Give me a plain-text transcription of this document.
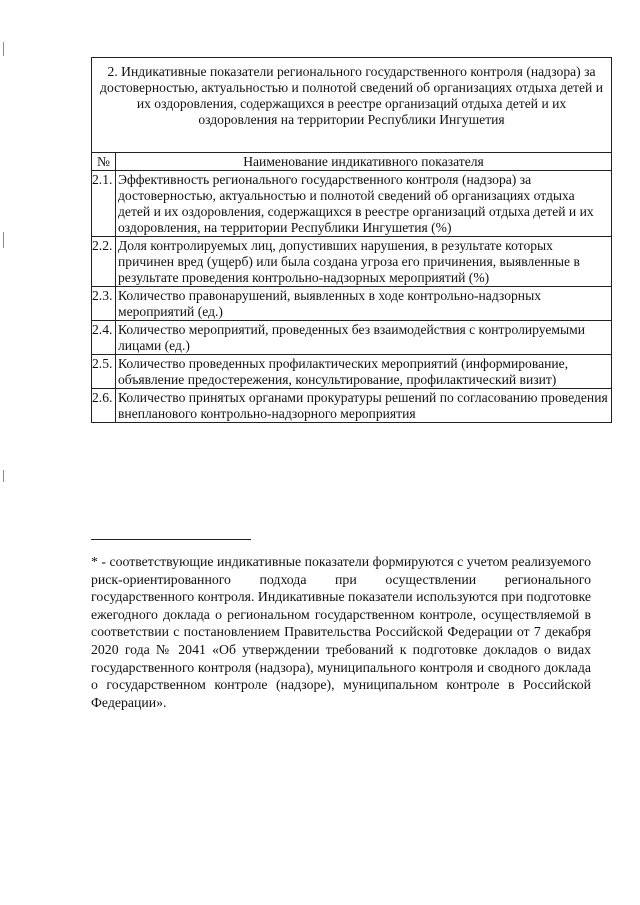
2. Индикативные показатели регионального государственного контроля (надзора) за достоверностью, актуальностью и полнотой сведений об организациях отдыха детей и их оздоровления, содержащихся в реестре организаций отдыха детей и их оздоровления на территории Республики Ингушетия	
№	Наименование индикативного показателя
2.1.	Эффективность регионального государственного контроля (надзора) за достоверностью, актуальностью и полнотой сведений об организациях отдыха детей и их оздоровления, содержащихся в реестре организаций отдыха детей и их оздоровления, на территории Республики Ингушетия (%)
2.2.	Доля контролируемых лиц, допустивших нарушения, в результате которых причинен вред (ущерб) или была создана угроза его причинения, выявленные в результате проведения контрольно-надзорных мероприятий (%)
2.3.	Количество правонарушений, выявленных в ходе контрольно-надзорных мероприятий (ед.)
2.4.	Количество мероприятий, проведенных без взаимодействия с контролируемыми лицами (ед.)
2.5.	Количество проведенных профилактических мероприятий (информирование, объявление предостережения, консультирование, профилактический визит)
2.6.	Количество принятых органами прокуратуры решений по согласованию проведения внепланового контрольно-надзорного мероприятия
* - соответствующие индикативные показатели формируются с учетом реализуемого риск-ориентированного подхода при осуществлении регионального государственного контроля. Индикативные показатели используются при подготовке ежегодного доклада о региональном государственном контроле, осуществляемой в соответствии с постановлением Правительства Российской Федерации от 7 декабря 2020 года № 2041 «Об утверждении требований к подготовке докладов о видах государственного контроля (надзора), муниципального контроля и сводного доклада о государственном контроле (надзоре), муниципальном контроле в Российской Федерации».
